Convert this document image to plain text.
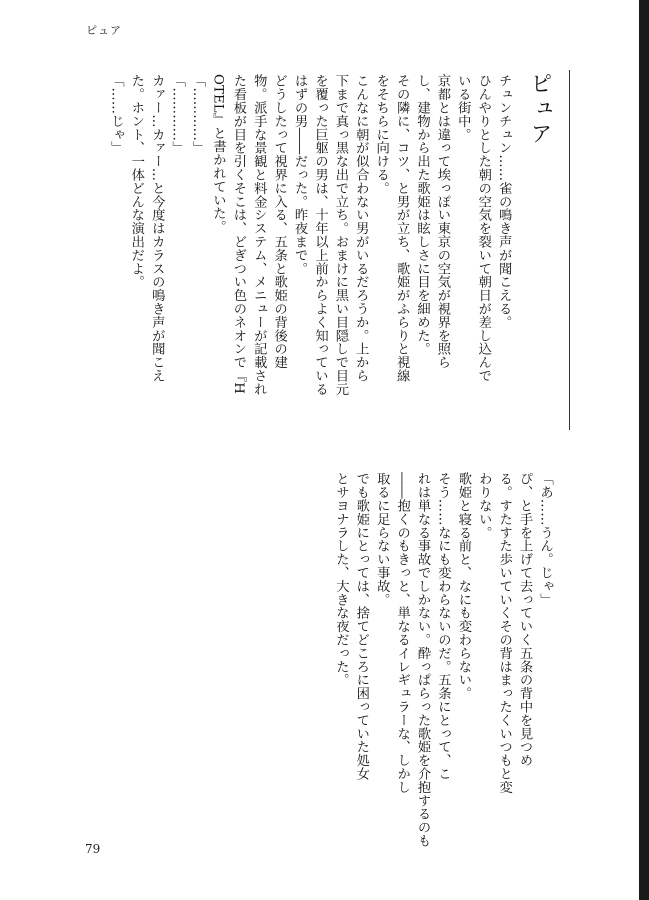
ピュア
ピュア

チュンチュン……雀の鳴き声が聞こえる。

ひんやりとした朝の空気を裂いて朝日が差し込んで

いる街中。

京都とは違って埃っぽい東京の空気が視界を照ら

し、建物から出た歌姫は眩しさに目を細めた。

その隣に、コツ、と男が立ち、歌姫がふらりと視線

をそちらに向ける。

こんなに朝が似合わない男がいるだろうか。上から

下まで真っ黒な出で立ち。おまけに黒い目隠しで目元

を覆った巨躯の男は、十年以上前からよく知っている

はずの男――だった。昨夜まで。

どうしたって視界に入る、五条と歌姫の背後の建

物。派手な景観と料金システム、メニューが記載され

た看板が目を引くそこは、どぎつい色のネオンで『H

OTEL』と書かれていた。

「…………」

「…………」

カァー…カァー…と今度はカラスの鳴き声が聞こえ

た。ホント、一体どんな演出だよ。

「……じゃ」

「あ……うん。じゃ」

ぴ、と手を上げて去っていく五条の背中を見つめ

る。すたすた歩いていくその背はまったくいつもと変

わりない。

歌姫と寝る前と、なにも変わらない。

そう……なにも変わらないのだ。五条にとって、こ

れは単なる事故でしかない。酔っぱらった歌姫を介抱するのも

――抱くのもきっと、単なるイレギュラーな、しかし

取るに足らない事故。

でも歌姫にとっては、捨てどころに困っていた処女

とサヨナラした、大きな夜だった。

79
